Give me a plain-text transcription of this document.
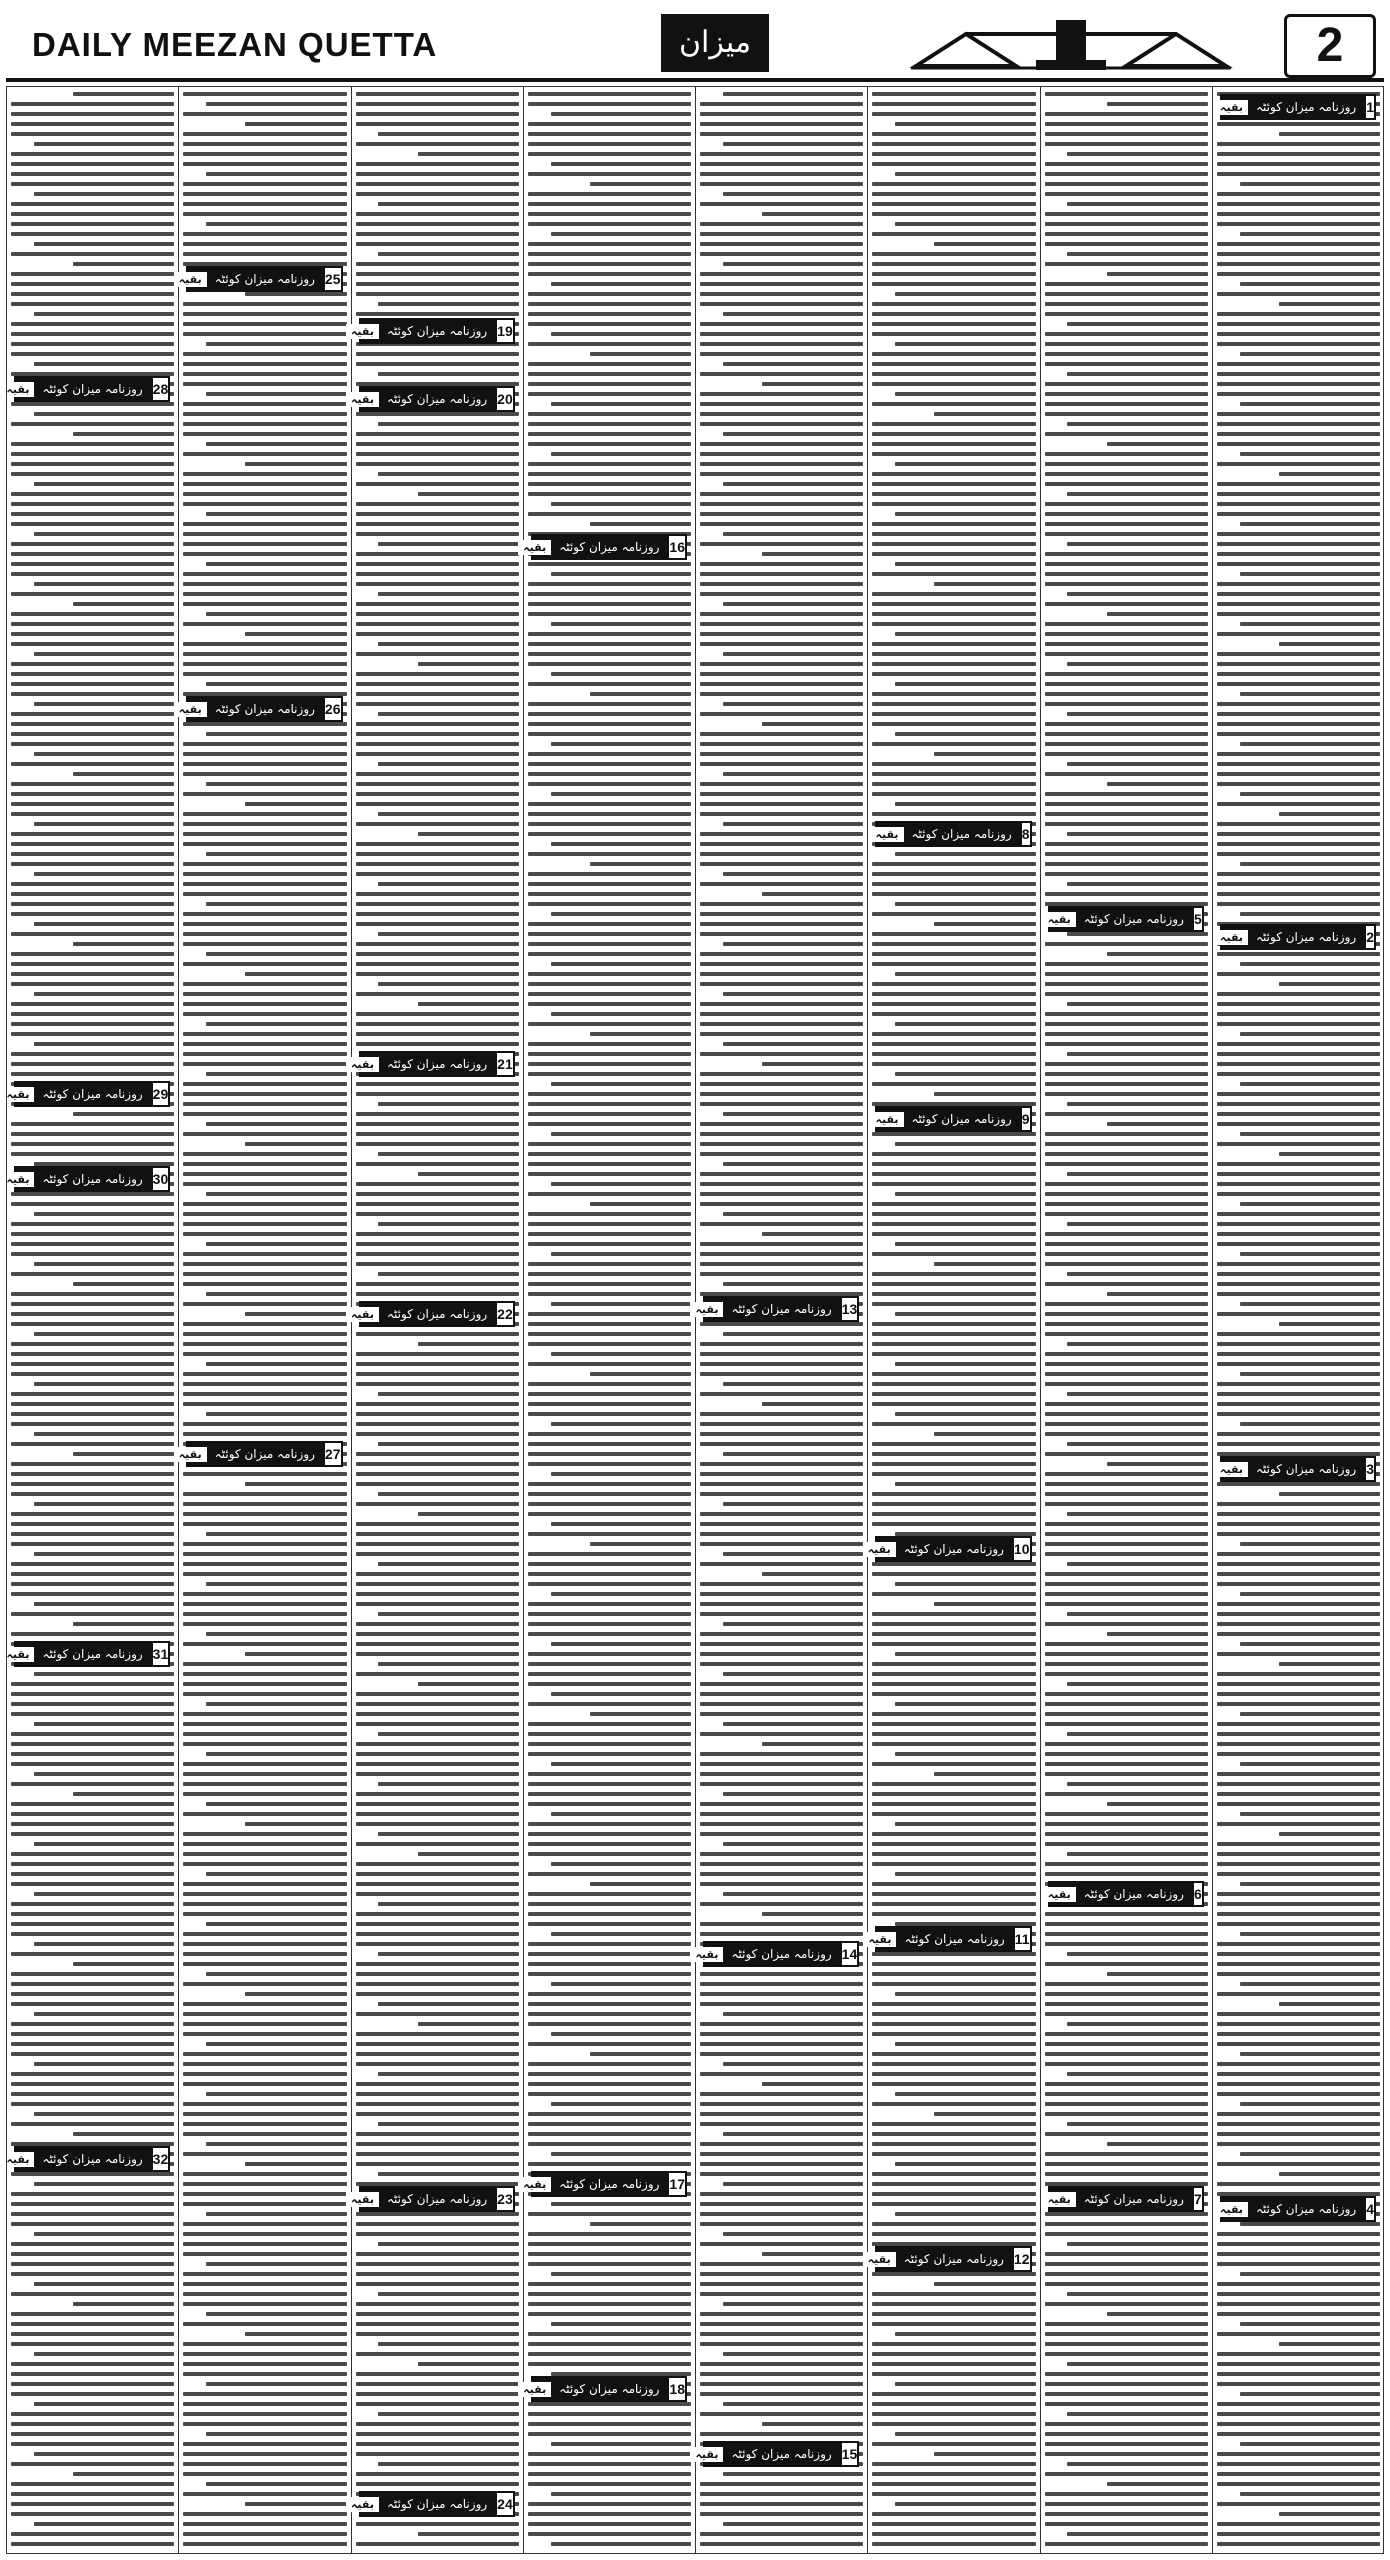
DAILY MEEZAN QUETTA	میزان	2
1
روزنامہ میزان کوئٹہ
بقیہ
2
روزنامہ میزان کوئٹہ
بقیہ
3
روزنامہ میزان کوئٹہ
بقیہ
4
روزنامہ میزان کوئٹہ
بقیہ
5
روزنامہ میزان کوئٹہ
بقیہ
6
روزنامہ میزان کوئٹہ
بقیہ
7
روزنامہ میزان کوئٹہ
بقیہ
8
روزنامہ میزان کوئٹہ
بقیہ
9
روزنامہ میزان کوئٹہ
بقیہ
10
روزنامہ میزان کوئٹہ
بقیہ
11
روزنامہ میزان کوئٹہ
بقیہ
12
روزنامہ میزان کوئٹہ
بقیہ
13
روزنامہ میزان کوئٹہ
بقیہ
14
روزنامہ میزان کوئٹہ
بقیہ
15
روزنامہ میزان کوئٹہ
بقیہ
16
روزنامہ میزان کوئٹہ
بقیہ
17
روزنامہ میزان کوئٹہ
بقیہ
18
روزنامہ میزان کوئٹہ
بقیہ
19
روزنامہ میزان کوئٹہ
بقیہ
20
روزنامہ میزان کوئٹہ
بقیہ
21
روزنامہ میزان کوئٹہ
بقیہ
22
روزنامہ میزان کوئٹہ
بقیہ
23
روزنامہ میزان کوئٹہ
بقیہ
24
روزنامہ میزان کوئٹہ
بقیہ
25
روزنامہ میزان کوئٹہ
بقیہ
26
روزنامہ میزان کوئٹہ
بقیہ
27
روزنامہ میزان کوئٹہ
بقیہ
28
روزنامہ میزان کوئٹہ
بقیہ
29
روزنامہ میزان کوئٹہ
بقیہ
30
روزنامہ میزان کوئٹہ
بقیہ
31
روزنامہ میزان کوئٹہ
بقیہ
32
روزنامہ میزان کوئٹہ
بقیہ
